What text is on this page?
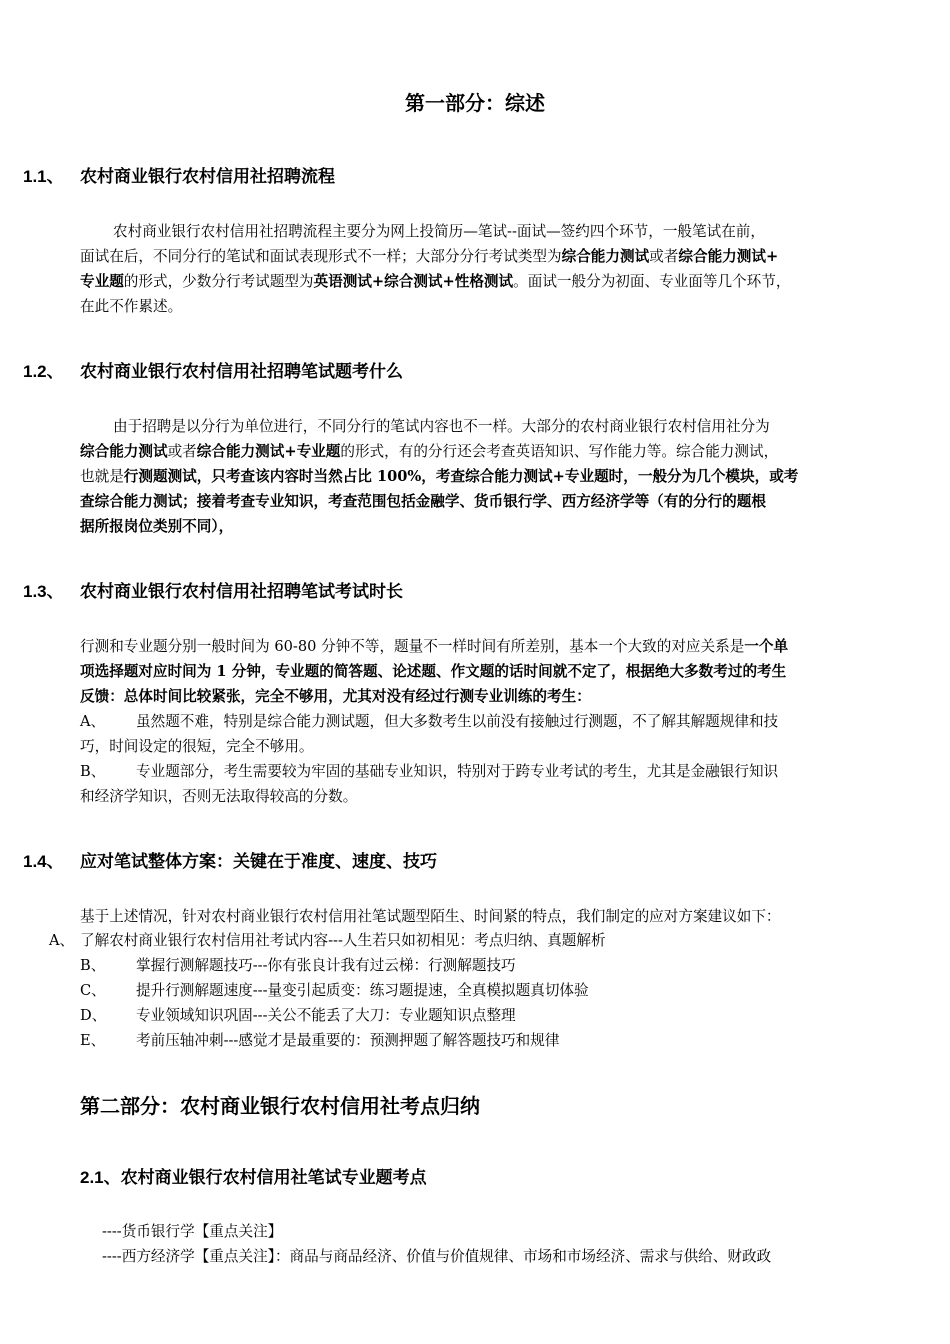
第一部分：综述
1.1、 农村商业银行农村信用社招聘流程
农村商业银行农村信用社招聘流程主要分为网上投简历—笔试--面试—签约四个环节，一般笔试在前，
面试在后，不同分行的笔试和面试表现形式不一样；大部分分行考试类型为综合能力测试或者综合能力测试+
专业题的形式，少数分行考试题型为英语测试+综合测试+性格测试。面试一般分为初面、专业面等几个环节，
在此不作累述。
1.2、 农村商业银行农村信用社招聘笔试题考什么
由于招聘是以分行为单位进行，不同分行的笔试内容也不一样。大部分的农村商业银行农村信用社分为
综合能力测试或者综合能力测试+专业题的形式，有的分行还会考查英语知识、写作能力等。综合能力测试，
也就是行测题测试，只考查该内容时当然占比 100%，考查综合能力测试+专业题时，一般分为几个模块，或考
查综合能力测试；接着考查专业知识，考查范围包括金融学、货币银行学、西方经济学等（有的分行的题根
据所报岗位类别不同），
1.3、 农村商业银行农村信用社招聘笔试考试时长
行测和专业题分别一般时间为 60-80 分钟不等，题量不一样时间有所差别，基本一个大致的对应关系是一个单
项选择题对应时间为 1 分钟，专业题的简答题、论述题、作文题的话时间就不定了，根据绝大多数考过的考生
反馈：总体时间比较紧张，完全不够用，尤其对没有经过行测专业训练的考生：
A、 虽然题不难，特别是综合能力测试题，但大多数考生以前没有接触过行测题，不了解其解题规律和技
巧，时间设定的很短，完全不够用。
B、 专业题部分，考生需要较为牢固的基础专业知识，特别对于跨专业考试的考生，尤其是金融银行知识
和经济学知识，否则无法取得较高的分数。
1.4、 应对笔试整体方案：关键在于准度、速度、技巧
基于上述情况，针对农村商业银行农村信用社笔试题型陌生、时间紧的特点，我们制定的应对方案建议如下：
A、 了解农村商业银行农村信用社考试内容---人生若只如初相见：考点归纳、真题解析
B、 掌握行测解题技巧---你有张良计我有过云梯：行测解题技巧
C、 提升行测解题速度---量变引起质变：练习题提速，全真模拟题真切体验
D、 专业领域知识巩固---关公不能丢了大刀：专业题知识点整理
E、 考前压轴冲刺---感觉才是最重要的：预测押题了解答题技巧和规律
第二部分：农村商业银行农村信用社考点归纳
2.1、农村商业银行农村信用社笔试专业题考点
----货币银行学【重点关注】
----西方经济学【重点关注】：商品与商品经济、价值与价值规律、市场和市场经济、需求与供给、财政政
